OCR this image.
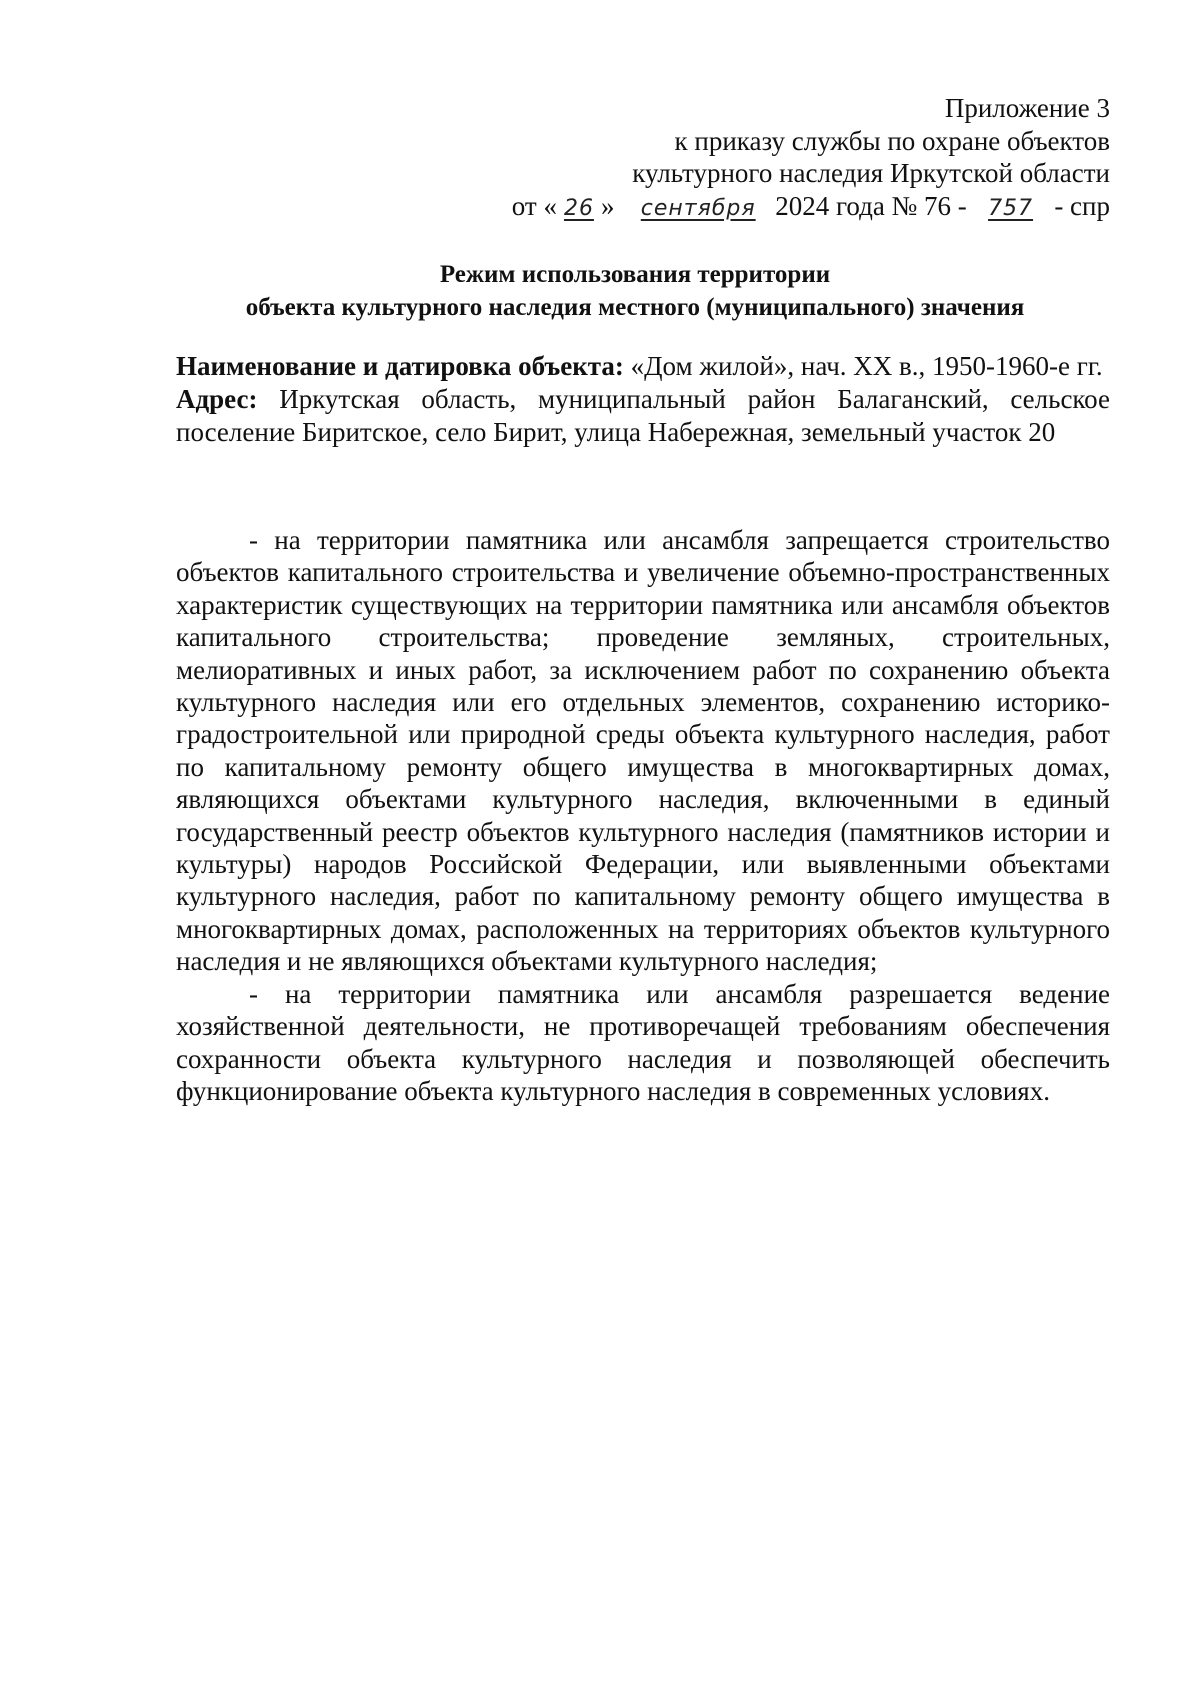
Приложение 3
к приказу службы по охране объектов
культурного наследия Иркутской области
от « 26 » сентября 2024 года № 76 - 757 - спр
Режим использования территории
объекта культурного наследия местного (муниципального) значения

Наименование и датировка объекта: «Дом жилой», нач. XX в., 1950-1960-е гг.

Адрес: Иркутская область, муниципальный район Балаганский, сельское поселение Биритское, село Бирит, улица Набережная, земельный участок 20

- на территории памятника или ансамбля запрещается строительство объектов капитального строительства и увеличение объемно-пространственных характеристик существующих на территории памятника или ансамбля объектов капитального строительства; проведение земляных, строительных, мелиоративных и иных работ, за исключением работ по сохранению объекта культурного наследия или его отдельных элементов, сохранению историко-градостроительной или природной среды объекта культурного наследия, работ по капитальному ремонту общего имущества в многоквартирных домах, являющихся объектами культурного наследия, включенными в единый государственный реестр объектов культурного наследия (памятников истории и культуры) народов Российской Федерации, или выявленными объектами культурного наследия, работ по капитальному ремонту общего имущества в многоквартирных домах, расположенных на территориях объектов культурного наследия и не являющихся объектами культурного наследия;

- на территории памятника или ансамбля разрешается ведение хозяйственной деятельности, не противоречащей требованиям обеспечения сохранности объекта культурного наследия и позволяющей обеспечить функционирование объекта культурного наследия в современных условиях.
